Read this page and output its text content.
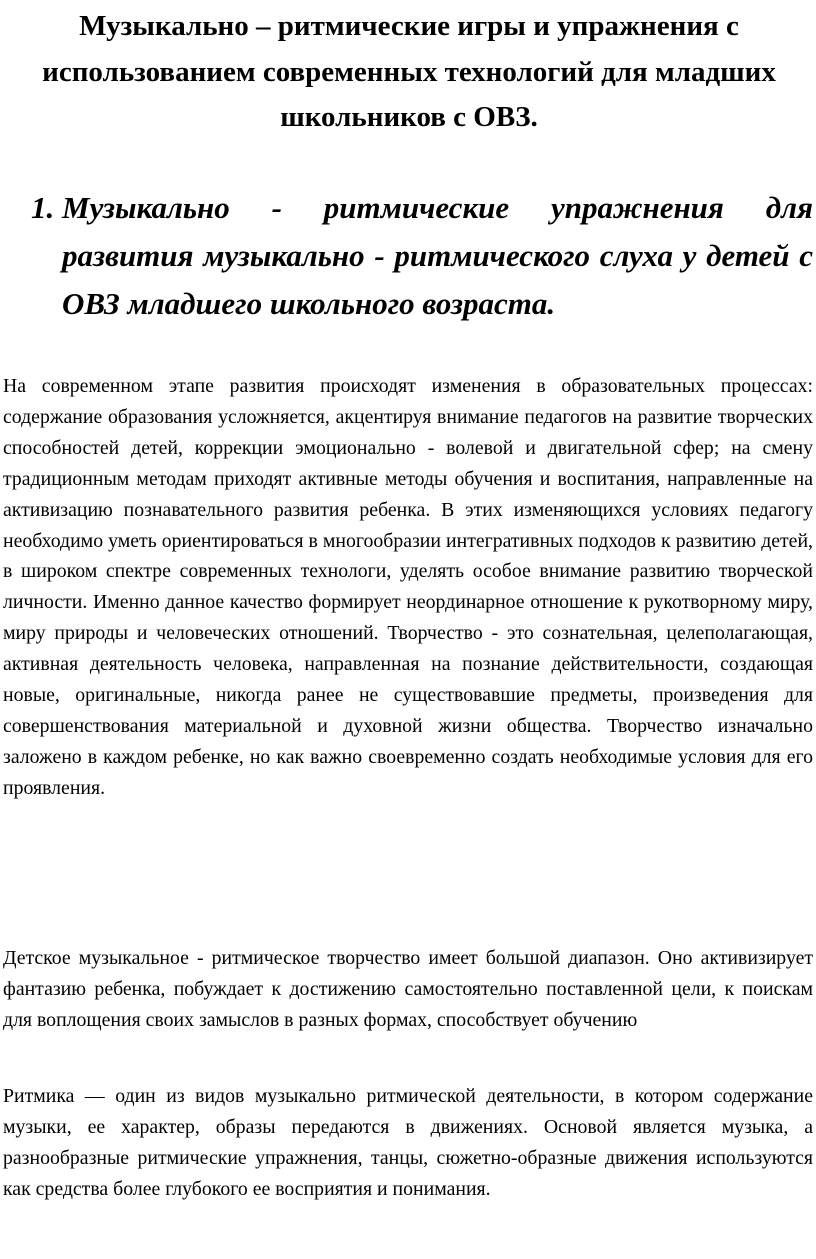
Музыкально – ритмические игры и упражнения с использованием современных технологий для младших школьников с ОВЗ.
1. Музыкально - ритмические упражнения для развития музыкально - ритмического слуха у детей с ОВЗ младшего школьного возраста.

На современном этапе развития происходят изменения в образовательных процессах: содержание образования усложняется, акцентируя внимание педагогов на развитие творческих способностей детей, коррекции эмоционально - волевой и двигательной сфер; на смену традиционным методам приходят активные методы обучения и воспитания, направленные на активизацию познавательного развития ребенка. В этих изменяющихся условиях педагогу необходимо уметь ориентироваться в многообразии интегративных подходов к развитию детей, в широком спектре современных технологи, уделять особое внимание развитию творческой личности. Именно данное качество формирует неординарное отношение к рукотворному миру, миру природы и человеческих отношений. Творчество - это сознательная, целеполагающая, активная деятельность человека, направленная на познание действительности, создающая новые, оригинальные, никогда ранее не существовавшие предметы, произведения для совершенствования материальной и духовной жизни общества. Творчество изначально заложено в каждом ребенке, но как важно своевременно создать необходимые условия для его проявления.

Детское музыкальное - ритмическое творчество имеет большой диапазон. Оно активизирует фантазию ребенка, побуждает к достижению самостоятельно поставленной цели, к поискам для воплощения своих замыслов в разных формах, способствует обучению

Ритмика — один из видов музыкально ритмической деятельности, в котором содержание музыки, ее характер, образы передаются в движениях. Основой является музыка, а разнообразные ритмические упражнения, танцы, сюжетно-образные движения используются как средства более глубокого ее восприятия и понимания.
